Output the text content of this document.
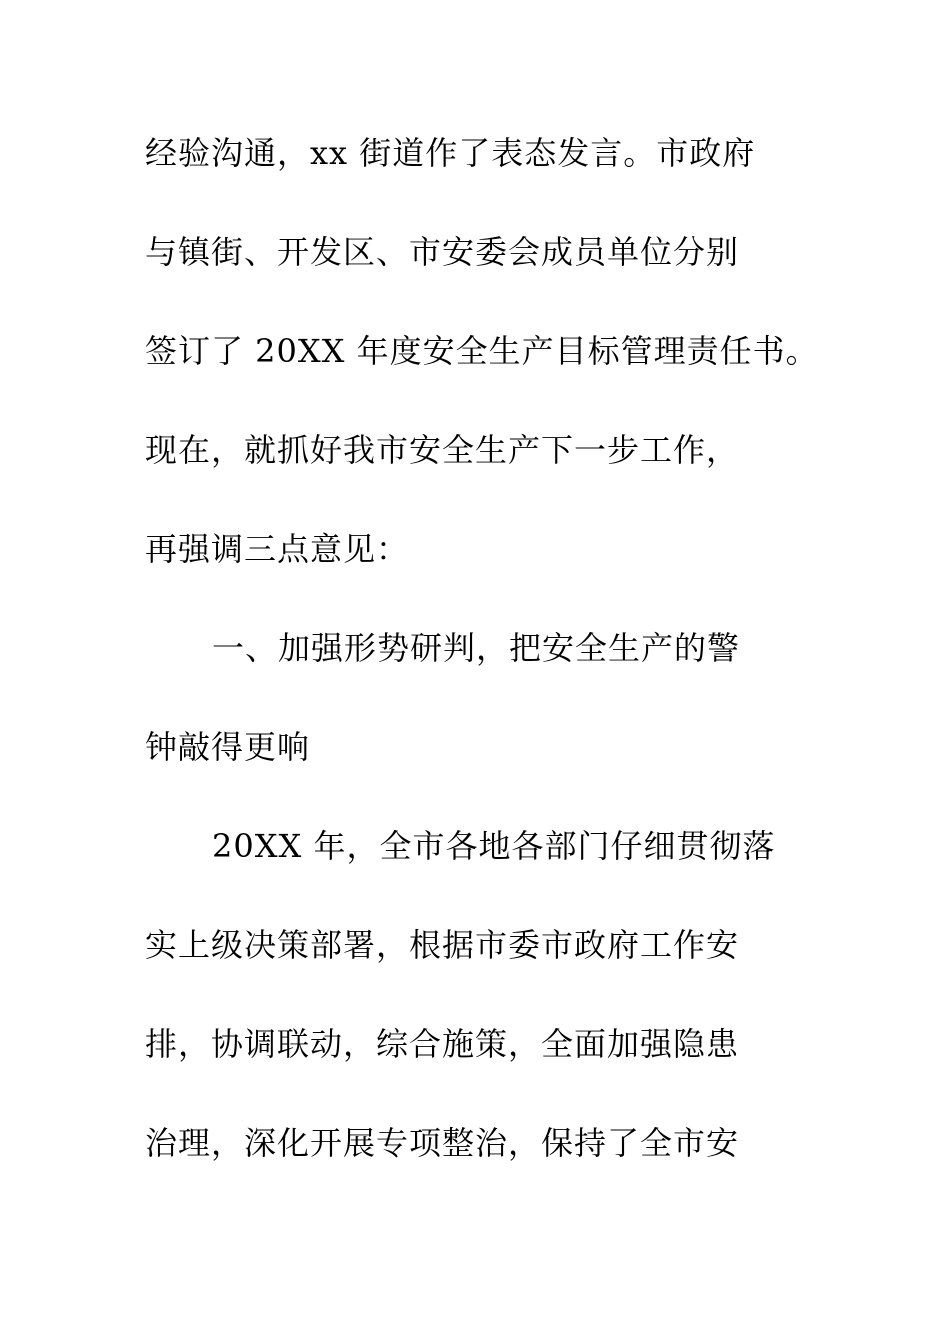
经验沟通，xx 街道作了表态发言。市政府
与镇街、开发区、市安委会成员单位分别
签订了 20XX 年度安全生产目标管理责任书。
现在，就抓好我市安全生产下一步工作，
再强调三点意见：
一、加强形势研判，把安全生产的警
钟敲得更响
20XX 年，全市各地各部门仔细贯彻落
实上级决策部署，根据市委市政府工作安
排，协调联动，综合施策，全面加强隐患
治理，深化开展专项整治，保持了全市安
